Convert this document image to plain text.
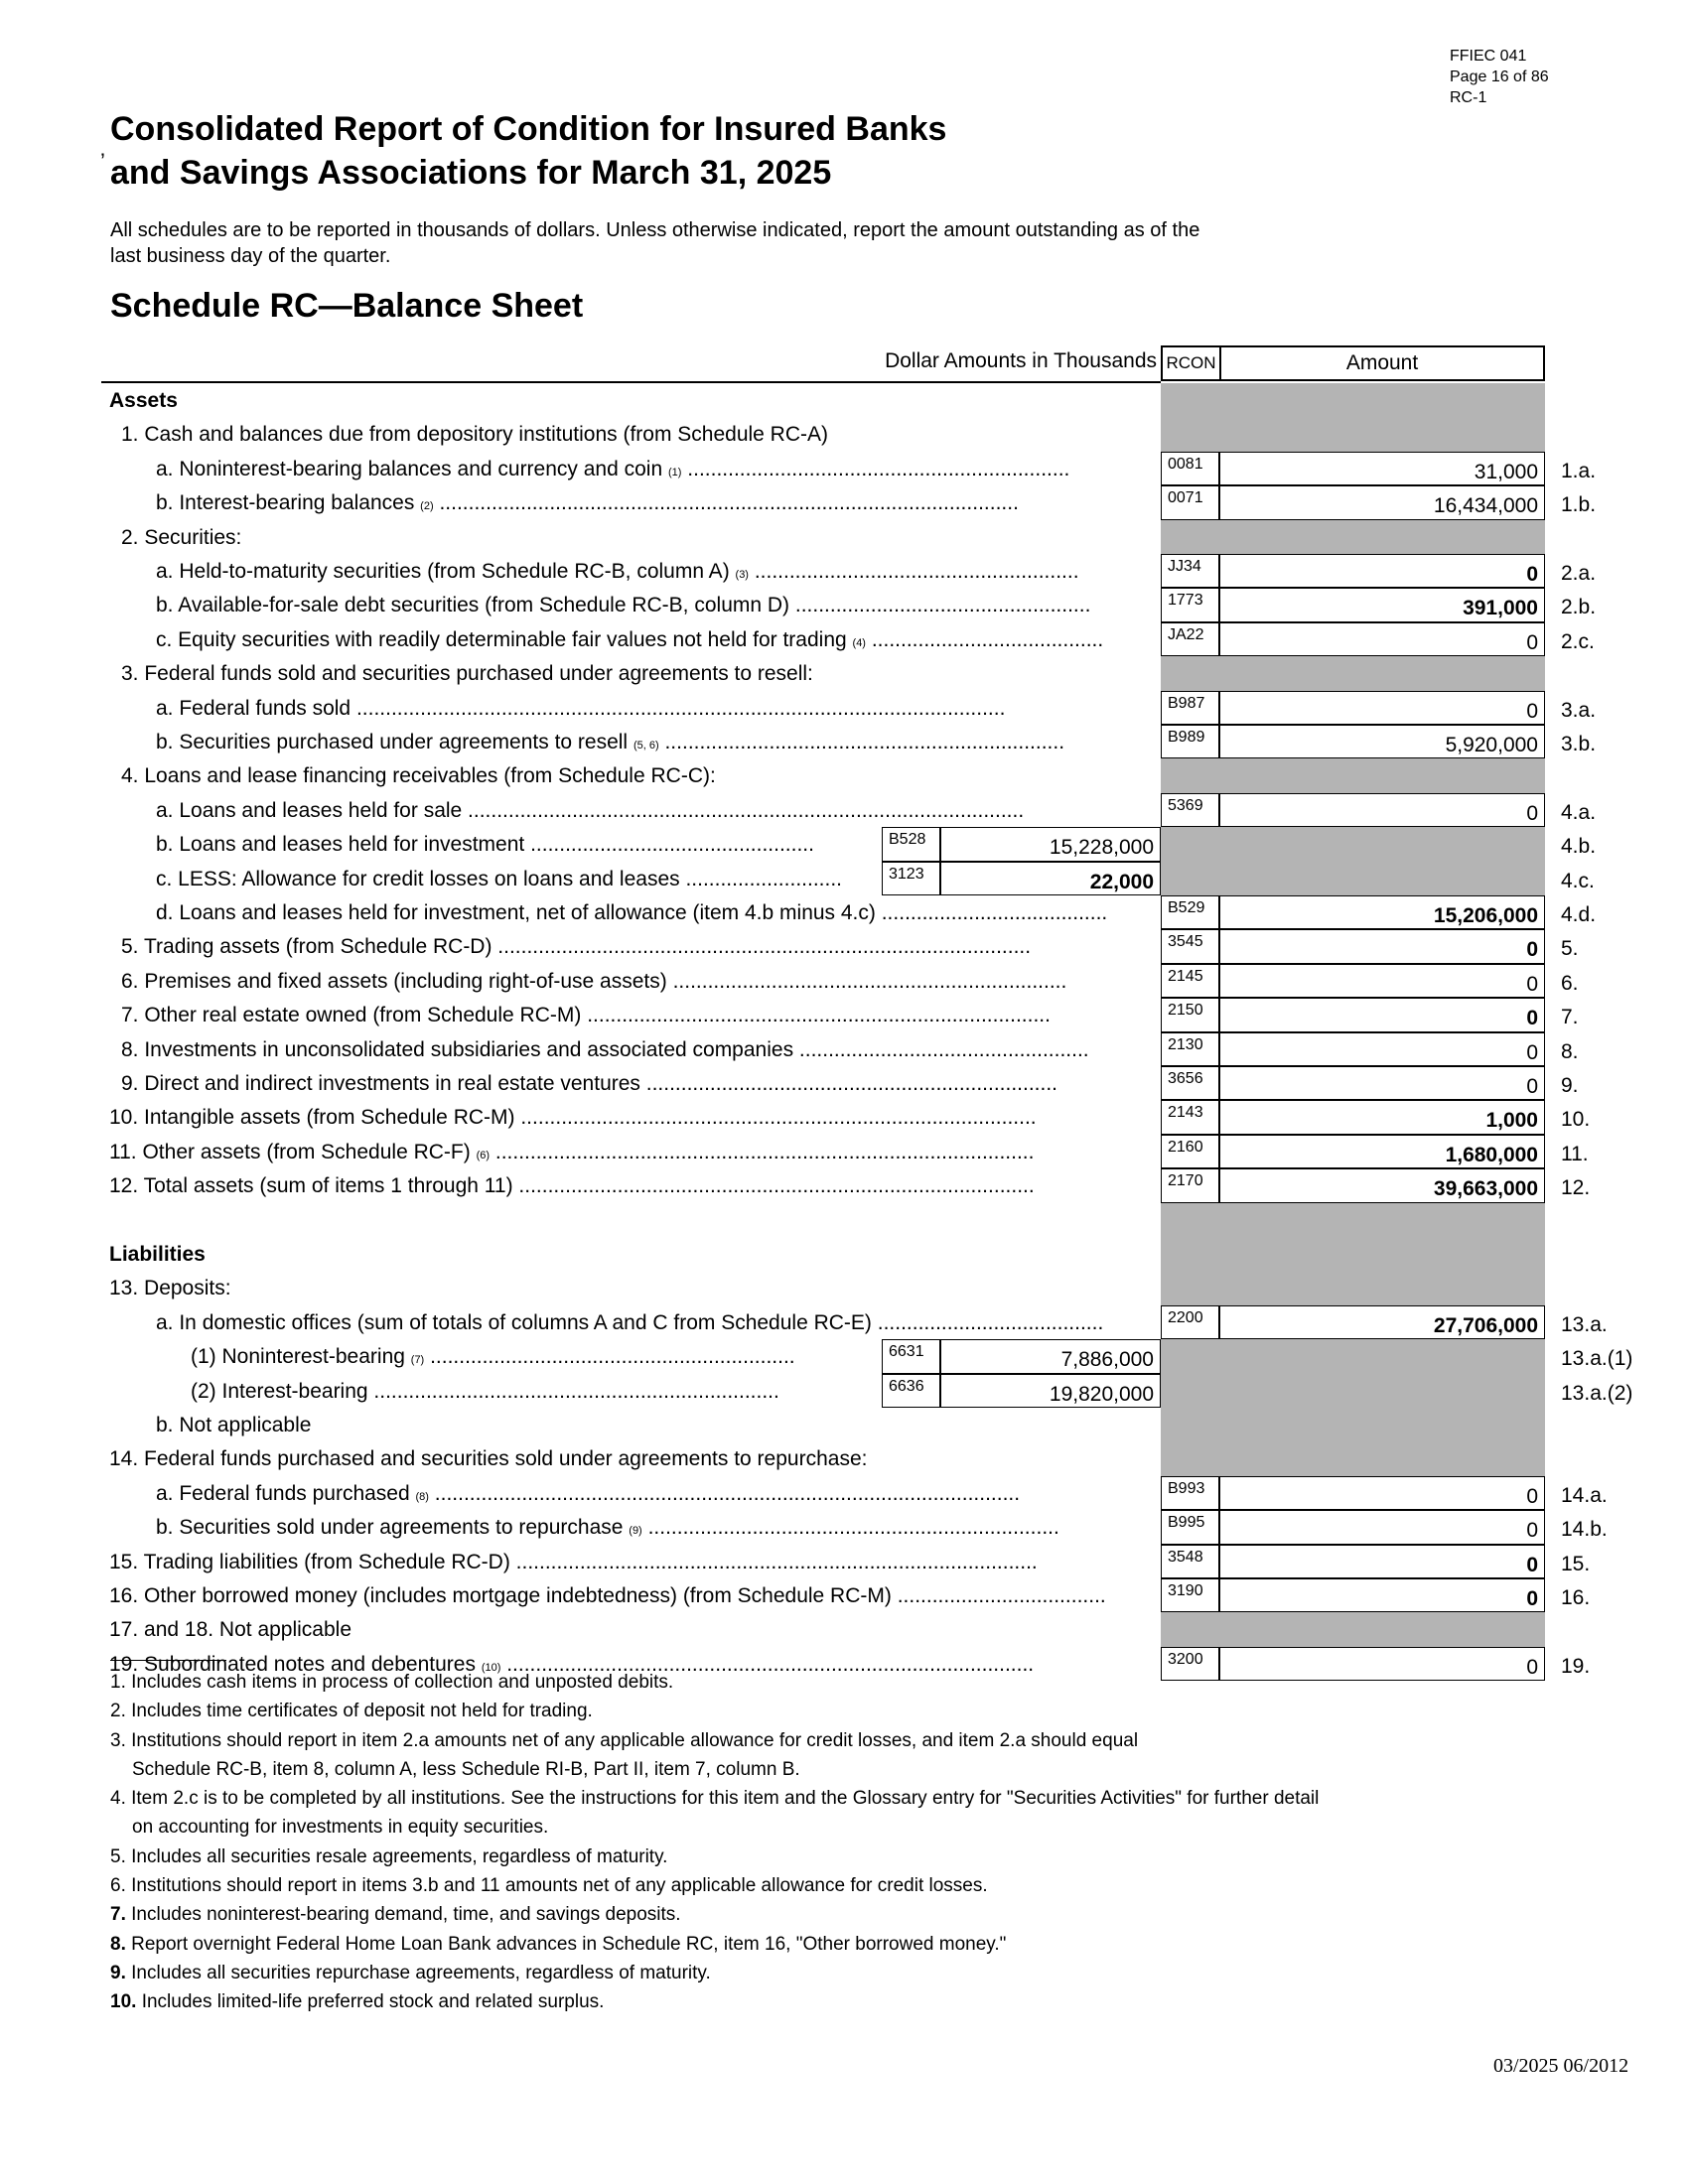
FFIEC 041
Page 16 of 86
RC-1
Consolidated Report of Condition for Insured Banks
and Savings Associations for March 31, 2025
’
All schedules are to be reported in thousands of dollars. Unless otherwise indicated, report the amount outstanding as of the
last business day of the quarter.
Schedule RC—Balance Sheet
Dollar Amounts in Thousands RCON	Amount
Assets
1. Cash and balances due from depository institutions (from Schedule RC-A)
a. Noninterest-bearing balances and currency and coin (1) ..................................................................	0081	31,000	1.a.
b. Interest-bearing balances (2) ....................................................................................................	0071	16,434,000	1.b.
2. Securities:
a. Held-to-maturity securities (from Schedule RC-B, column A) (3) ........................................................	JJ34	0	2.a.
b. Available-for-sale debt securities (from Schedule RC-B, column D) ...................................................	1773	391,000	2.b.
c. Equity securities with readily determinable fair values not held for trading (4) ........................................	JA22	0	2.c.
3. Federal funds sold and securities purchased under agreements to resell:
a. Federal funds sold ................................................................................................................	B987	0	3.a.
b. Securities purchased under agreements to resell (5, 6) .....................................................................	B989	5,920,000	3.b.
4. Loans and lease financing receivables (from Schedule RC-C):
a. Loans and leases held for sale ................................................................................................	5369	0	4.a.
b. Loans and leases held for investment .................................................	B528	15,228,000	4.b.
c. LESS: Allowance for credit losses on loans and leases ...........................	3123	22,000	4.c.
d. Loans and leases held for investment, net of allowance (item 4.b minus 4.c) .......................................	B529	15,206,000	4.d.
5. Trading assets (from Schedule RC-D) ............................................................................................	3545	0	5.
6. Premises and fixed assets (including right-of-use assets) ....................................................................	2145	0	6.
7. Other real estate owned (from Schedule RC-M) ................................................................................	2150	0	7.
8. Investments in unconsolidated subsidiaries and associated companies ..................................................	2130	0	8.
9. Direct and indirect investments in real estate ventures .......................................................................	3656	0	9.
10. Intangible assets (from Schedule RC-M) .........................................................................................	2143	1,000	10.
11. Other assets (from Schedule RC-F) (6) .............................................................................................	2160	1,680,000	11.
12. Total assets (sum of items 1 through 11) .........................................................................................	2170	39,663,000	12.
Liabilities
13. Deposits:
a. In domestic offices (sum of totals of columns A and C from Schedule RC-E) .......................................	2200	27,706,000	13.a.
(1) Noninterest-bearing (7) ...............................................................	6631	7,886,000	13.a.(1)
(2) Interest-bearing ......................................................................	6636	19,820,000	13.a.(2)
b. Not applicable
14. Federal funds purchased and securities sold under agreements to repurchase:
a. Federal funds purchased (8) .....................................................................................................	B993	0	14.a.
b. Securities sold under agreements to repurchase (9) .......................................................................	B995	0	14.b.
15. Trading liabilities (from Schedule RC-D) ..........................................................................................	3548	0	15.
16. Other borrowed money (includes mortgage indebtedness) (from Schedule RC-M) ....................................	3190	0	16.
17. and 18. Not applicable
19. Subordinated notes and debentures (10) ...........................................................................................	3200	0	19.
1. Includes cash items in process of collection and unposted debits.
2. Includes time certificates of deposit not held for trading.
3. Institutions should report in item 2.a amounts net of any applicable allowance for credit losses, and item 2.a should equal
Schedule RC-B, item 8, column A, less Schedule RI-B, Part II, item 7, column B.
4. Item 2.c is to be completed by all institutions. See the instructions for this item and the Glossary entry for "Securities Activities" for further detail
on accounting for investments in equity securities.
5. Includes all securities resale agreements, regardless of maturity.
6. Institutions should report in items 3.b and 11 amounts net of any applicable allowance for credit losses.
7. Includes noninterest-bearing demand, time, and savings deposits.
8. Report overnight Federal Home Loan Bank advances in Schedule RC, item 16, "Other borrowed money."
9. Includes all securities repurchase agreements, regardless of maturity.
10. Includes limited-life preferred stock and related surplus.
03/2025 06/2012
